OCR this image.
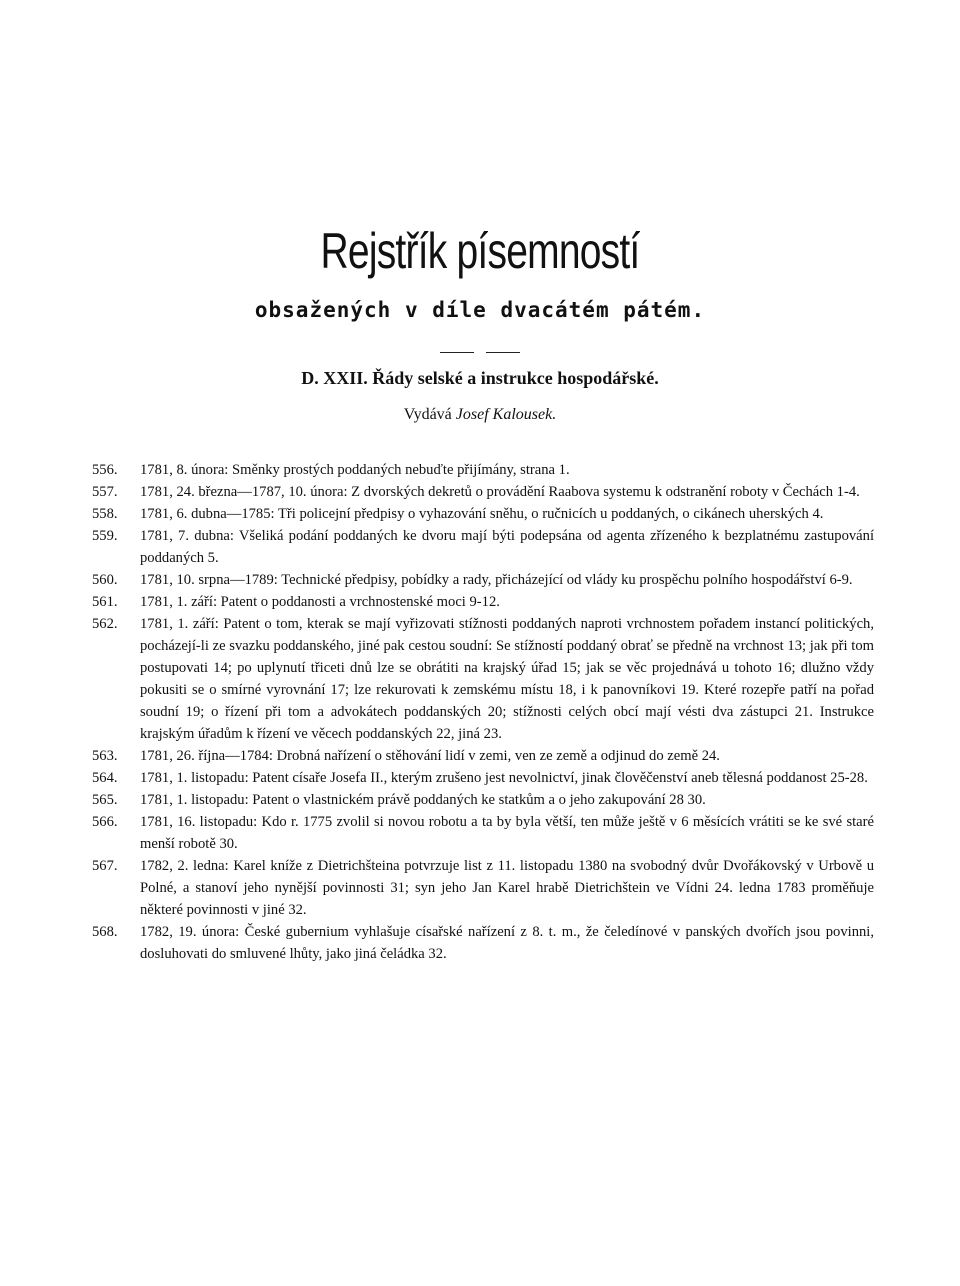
Rejstřík písemností
obsažených v díle dvacátém pátém.
D. XXII. Řády selské a instrukce hospodářské.
Vydává Josef Kalousek.
556. 1781, 8. února: Směnky prostých poddaných nebuďte přijímány, strana 1.
557. 1781, 24. března—1787, 10. února: Z dvorských dekretů o provádění Raabova systemu k odstranění roboty v Čechách 1-4.
558. 1781, 6. dubna—1785: Tři policejní předpisy o vyhazování sněhu, o ručnicích u poddaných, o cikánech uherských 4.
559. 1781, 7. dubna: Všeliká podání poddaných ke dvoru mají býti podepsána od agenta zřízeného k bezplatnému zastupování poddaných 5.
560. 1781, 10. srpna—1789: Technické předpisy, pobídky a rady, přicházející od vlády ku prospěchu polního hospodářství 6-9.
561. 1781, 1. září: Patent o poddanosti a vrchnostenské moci 9-12.
562. 1781, 1. září: Patent o tom, kterak se mají vyřizovati stížnosti poddaných naproti vrchnostem pořadem instancí politických, pocházejí-li ze svazku poddanského, jiné pak cestou soudní: Se stížností poddaný obrať se předně na vrchnost 13; jak při tom postupovati 14; po uplynutí třiceti dnů lze se obrátiti na krajský úřad 15; jak se věc projednává u tohoto 16; dlužno vždy pokusiti se o smírné vyrovnání 17; lze rekurovati k zemskému místu 18, i k panovníkovi 19. Které rozepře patří na pořad soudní 19; o řízení při tom a advokátech poddanských 20; stížnosti celých obcí mají vésti dva zástupci 21. Instrukce krajským úřadům k řízení ve věcech poddanských 22, jiná 23.
563. 1781, 26. října—1784: Drobná nařízení o stěhování lidí v zemi, ven ze země a odjinud do země 24.
564. 1781, 1. listopadu: Patent císaře Josefa II., kterým zrušeno jest nevolnictví, jinak člověčenství aneb tělesná poddanost 25-28.
565. 1781, 1. listopadu: Patent o vlastnickém právě poddaných ke statkům a o jeho zakupování 28 30.
566. 1781, 16. listopadu: Kdo r. 1775 zvolil si novou robotu a ta by byla větší, ten může ještě v 6 měsících vrátiti se ke své staré menší robotě 30.
567. 1782, 2. ledna: Karel kníže z Dietrichšteina potvrzuje list z 11. listopadu 1380 na svobodný dvůr Dvořákovský v Urbově u Polné, a stanoví jeho nynější povinnosti 31; syn jeho Jan Karel hrabě Dietrichštein ve Vídni 24. ledna 1783 proměňuje některé povinnosti v jiné 32.
568. 1782, 19. února: České gubernium vyhlašuje císařské nařízení z 8. t. m., že čeledínové v panských dvořích jsou povinni, dosluhovati do smluvené lhůty, jako jiná čeládka 32.
